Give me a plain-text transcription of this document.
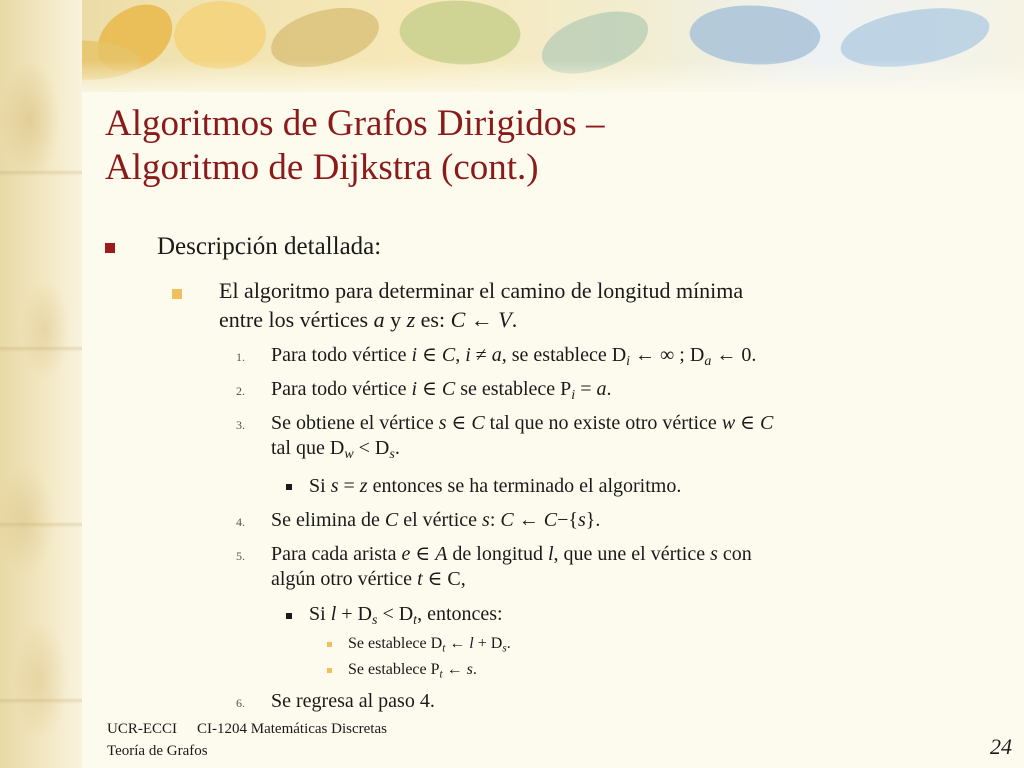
Algoritmos de Grafos Dirigidos –
Algoritmo de Dijkstra (cont.)
Descripción detallada:
El algoritmo para determinar el camino de longitud mínima
entre los vértices a y z es: C ← V.
1. Para todo vértice i ∈ C, i ≠ a, se establece $D_i$ ← ∞ ; $D_a$ ← 0.
2. Para todo vértice i ∈ C se establece $P_i = a$.
3. Se obtiene el vértice s ∈ C tal que no existe otro vértice w ∈ C
tal que $D_w < D_s$.
Si s = z entonces se ha terminado el algoritmo.
4. Se elimina de C el vértice s: C ← C−{s}.
5. Para cada arista e ∈ A de longitud l, que une el vértice s con
algún otro vértice t ∈ C,
Si $l + D_s < D_t$, entonces:
Se establece $D_t$ ← $l + D_s$.
Se establece $P_t$ ← s.
6. Se regresa al paso 4.
UCR-ECCI CI-1204 Matemáticas Discretas
Teoría de Grafos	24
